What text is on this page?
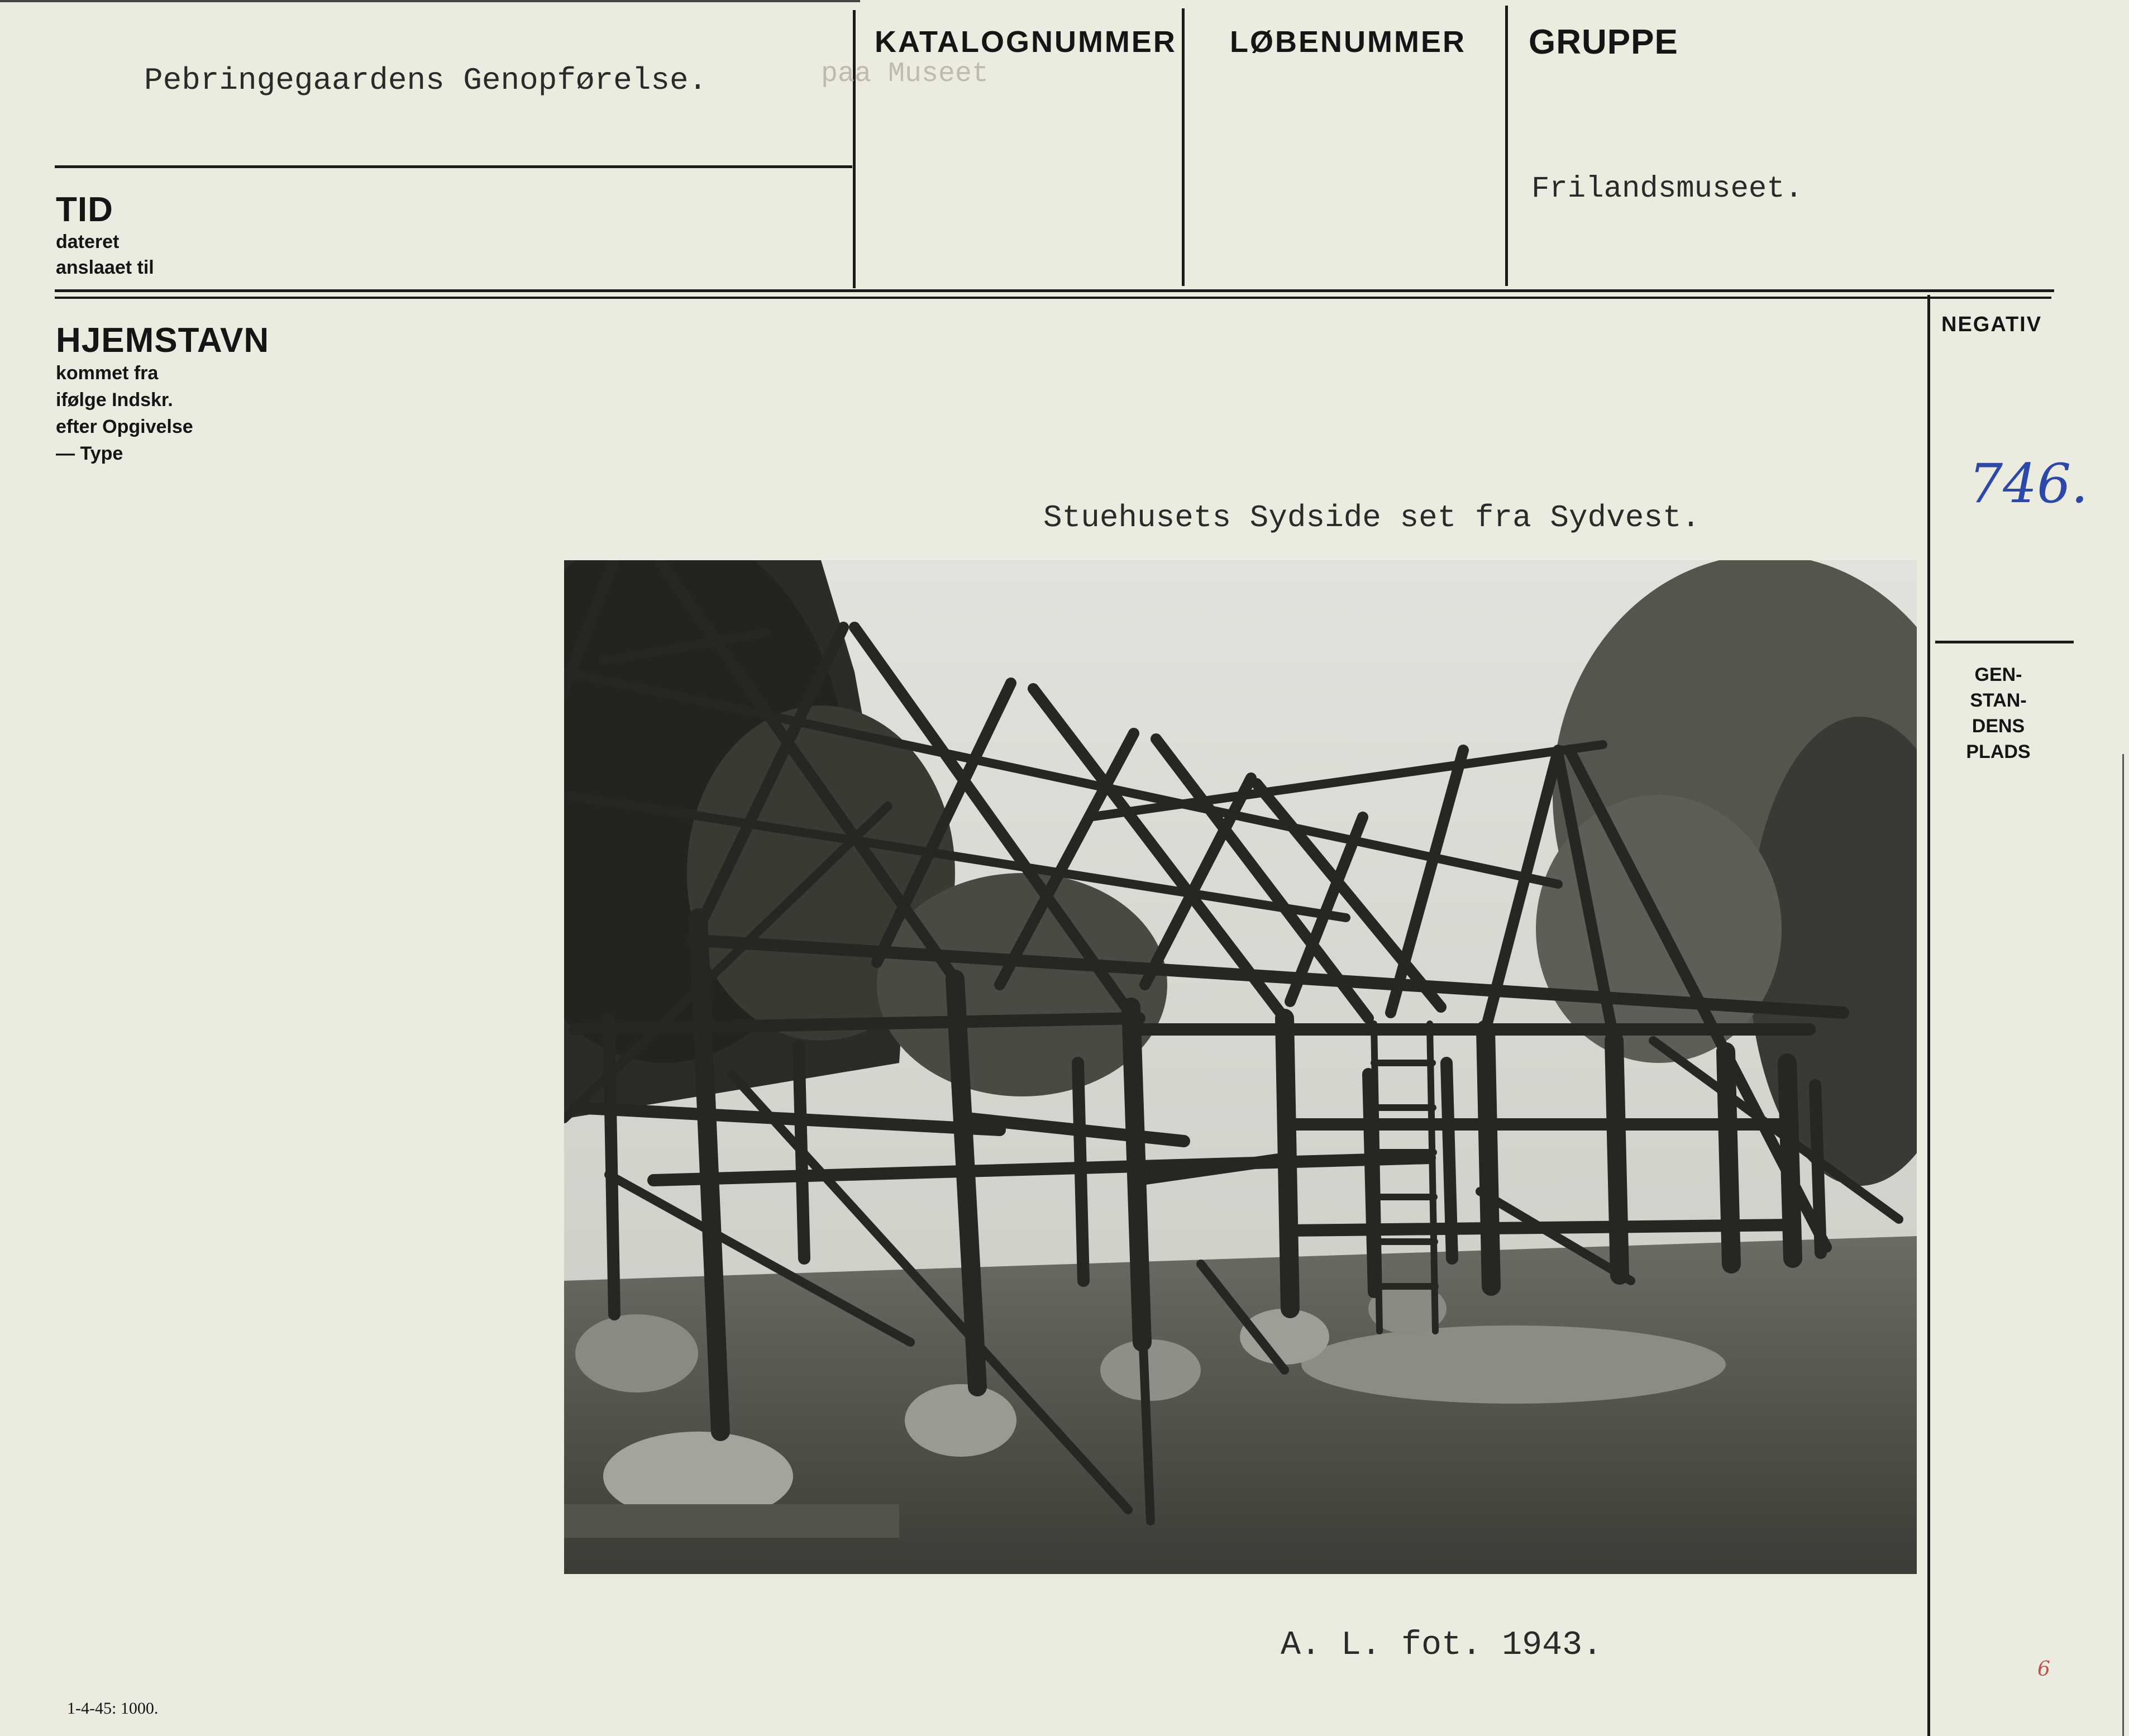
Pebringegaardens Genopførelse.	paa Museet
KATALOGNUMMER LØBENUMMER GRUPPE
Frilandsmuseet.
TID
dateret
anslaaet til
HJEMSTAVN
kommet fra
ifølge Indskr.
efter Opgivelse
— Type
NEGATIV
746.
GEN-
STAN-
DENS
PLADS
Stuehusets Sydside set fra Sydvest.
A. L. fot. 1943.
1-4-45: 1000.
6
